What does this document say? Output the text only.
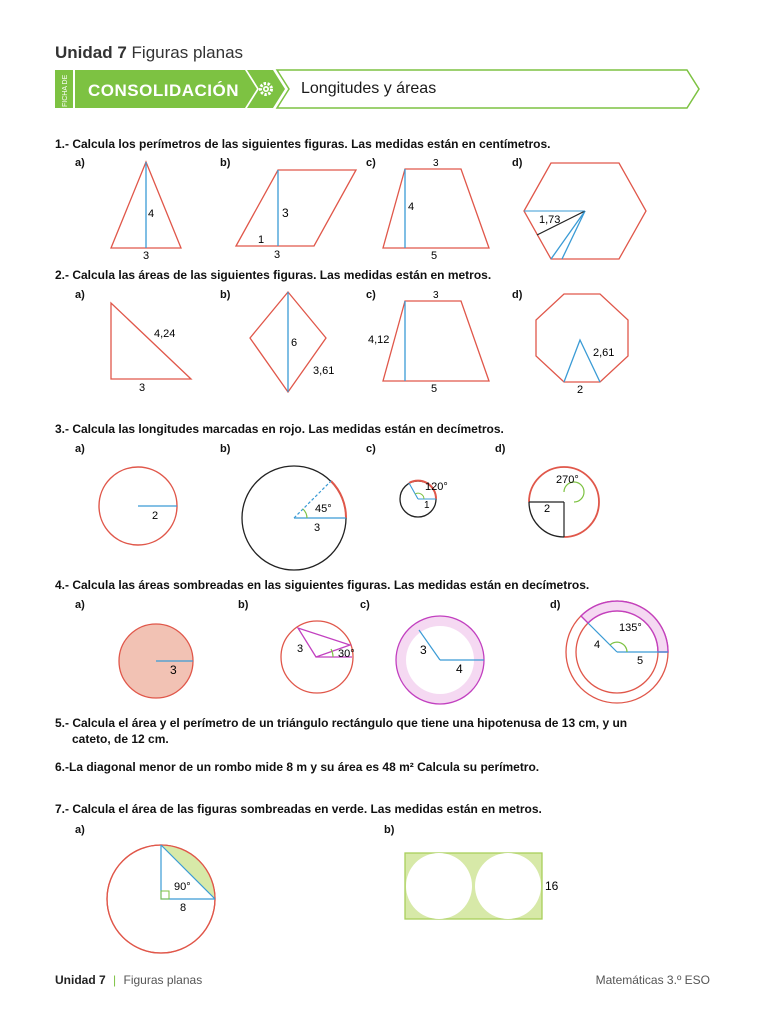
Unidad 7 Figuras planas
FICHA DE CONSOLIDACIÓN	Longitudes y áreas
1.- Calcula los perímetros de las siguientes figuras. Las medidas están en centímetros.
a)	b)	c)	d)
4
3
3
1
3
3
4
5
1,73
2.- Calcula las áreas de las siguientes figuras. Las medidas están en metros.
a)	b)	c)	d)
4,24
3
6
3,61
3
4,12
5
2,61
2
3.- Calcula las longitudes marcadas en rojo. Las medidas están en decímetros.
a)	b)	c)	d)
2
45°
3
120°
1
270°
2
4.- Calcula las áreas sombreadas en las siguientes figuras. Las medidas están en decímetros.
a)	b)	c)	d)
3
3	30°	3
4
135°
4
5
5.- Calcula el área y el perímetro de un triángulo rectángulo que tiene una hipotenusa de 13 cm, y un
cateto, de 12 cm.
6.-La diagonal menor de un rombo mide 8 m y su área es 48 m² Calcula su perímetro.
7.- Calcula el área de las figuras sombreadas en verde. Las medidas están en metros.
a)	b)
90°
8
16
Unidad 7 | Figuras planas	Matemáticas 3.º ESO
